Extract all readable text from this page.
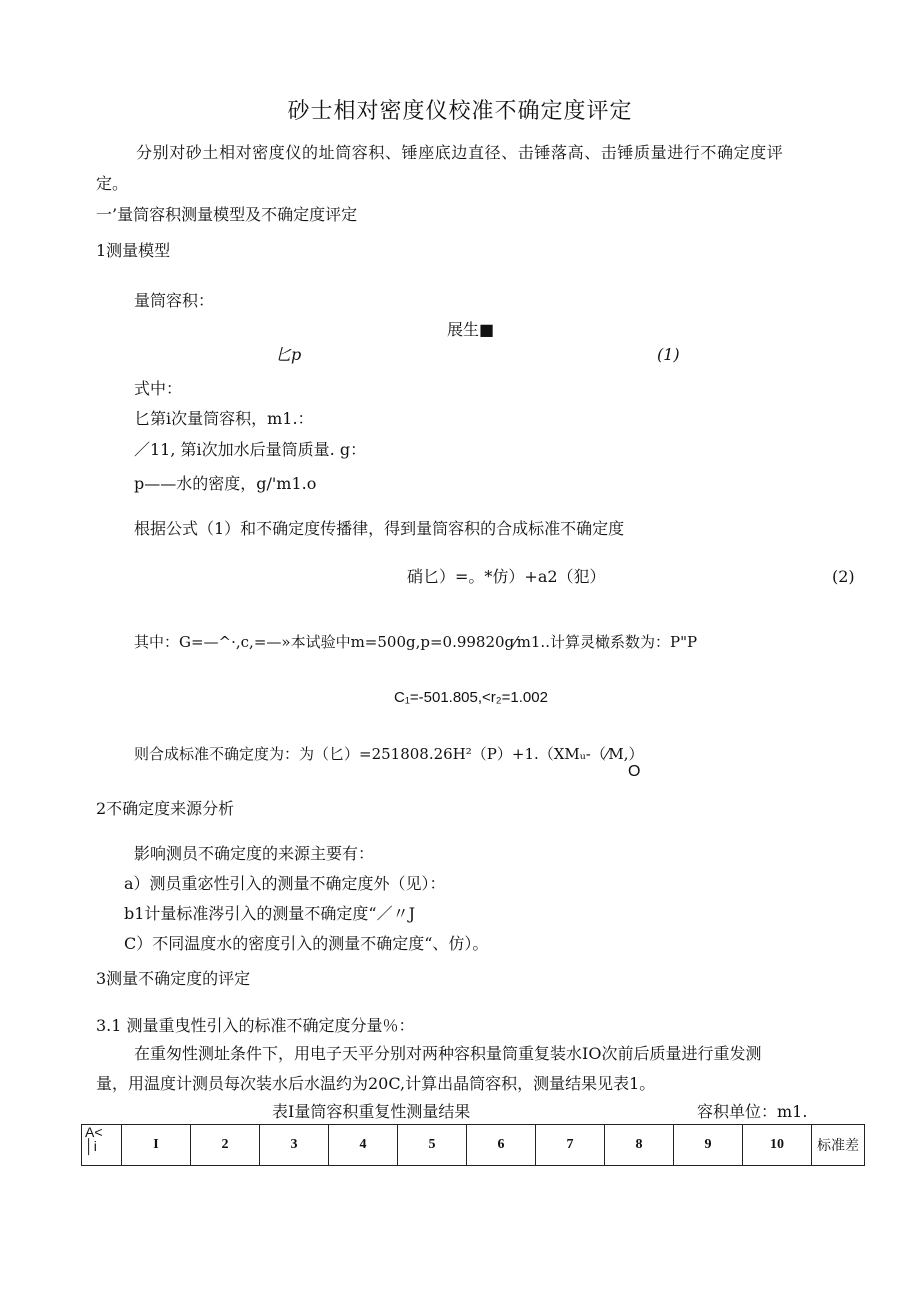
砂士相对密度仪校准不确定度评定
分别对砂土相对密度仪的址筒容积、锤座底边直径、击锤落高、击锤质量进行不确定度评
定。
一’量筒容积测量模型及不确定度评定
1测量模型
量筒容积：
展生■
匕p	(1)
式中：
匕第i次量筒容积，m1.：
／11, 第i次加水后量筒质量. g：
p——水的密度，g/'m1.o
根据公式（1）和不确定度传播律，得到量筒容积的合成标准不确定度
硝匕）=。*仿）+a2（犯）	(2)
其中：G=—^·,c,=—»本试验中m=500g,p=0.99820g⁄m1..计算灵橄系数为：P"P
C₁=-501.805,<r₂=1.002
则合成标准不确定度为：为（匕）=251808.26H²（P）+1.（XMᵤ-（⁄M,）
O
2不确定度来源分析
影响测员不确定度的来源主要有：
a）测员重宓性引入的测量不确定度外（见）：
b1计量标准涔引入的测量不确定度“／〃J
C）不同温度水的密度引入的测量不确定度“、仿）。
3测量不确定度的评定
3.1 测量重曳性引入的标准不确定度分量％：
在重匆性测址条件下，用电子天平分别对两种容积量筒重复装水IO次前后质量进行重发测
量，用温度计测员每次装水后水温约为20C,计算出晶筒容积，测量结果见表1。
表I量筒容积重复性测量结果	容积单位：m1.
A<
│i	I	2	3	4	5	6	7	8	9	10	标准差
